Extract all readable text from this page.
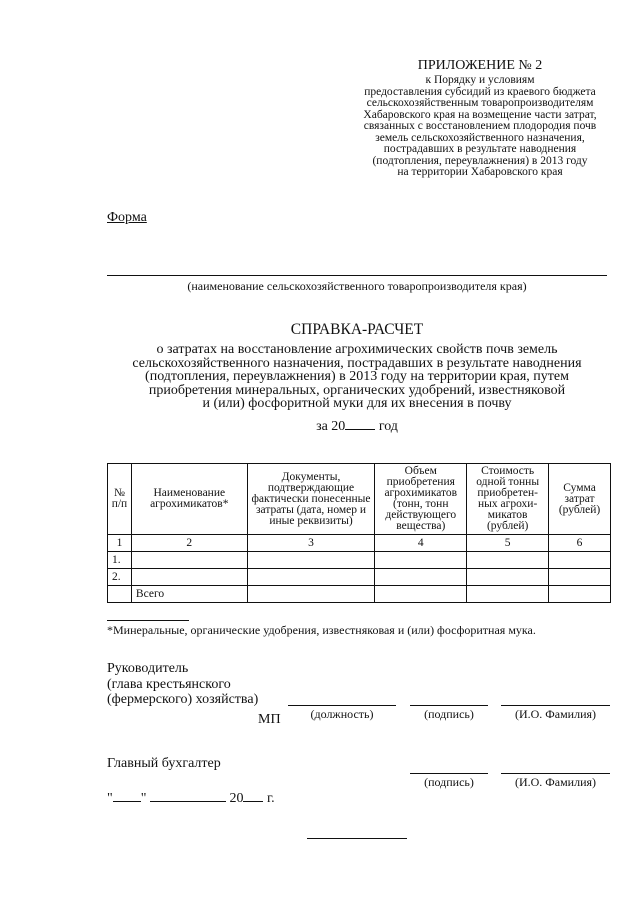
ПРИЛОЖЕНИЕ № 2
к Порядку и условиям
предоставления субсидий из краевого бюджета
сельскохозяйственным товаропроизводителям
Хабаровского края на возмещение части затрат,
связанных с восстановлением плодородия почв
земель сельскохозяйственного назначения,
пострадавших в результате наводнения
(подтопления, переувлажнения) в 2013 году
на территории Хабаровского края
Форма
(наименование сельскохозяйственного товаропроизводителя края)
СПРАВКА-РАСЧЕТ
о затратах на восстановление агрохимических свойств почв земель
сельскохозяйственного назначения, пострадавших в результате наводнения
(подтопления, переувлажнения) в 2013 году на территории края, путем
приобретения минеральных, органических удобрений, известняковой
и (или) фосфоритной муки для их внесения в почву
за 20 год
№ п/п	Наименование агрохимикатов*	Документы, подтверждающие фактически понесенные затраты (дата, номер и иные реквизиты)	Объем приобретения агрохимикатов (тонн, тонн действующего вещества)	Стоимость одной тонны приобретен-ных агрохи-микатов (рублей)	Сумма затрат (рублей)
1	2	3	4	5	6
1.					
2.					
	Всего				
*Минеральные, органические удобрения, известняковая и (или) фосфоритная мука.
Руководитель
(глава крестьянского
(фермерского) хозяйства)
(должность)	(подпись)	(И.О. Фамилия)
МП
Главный бухгалтер
(подпись)	(И.О. Фамилия)
" "	20 г.
